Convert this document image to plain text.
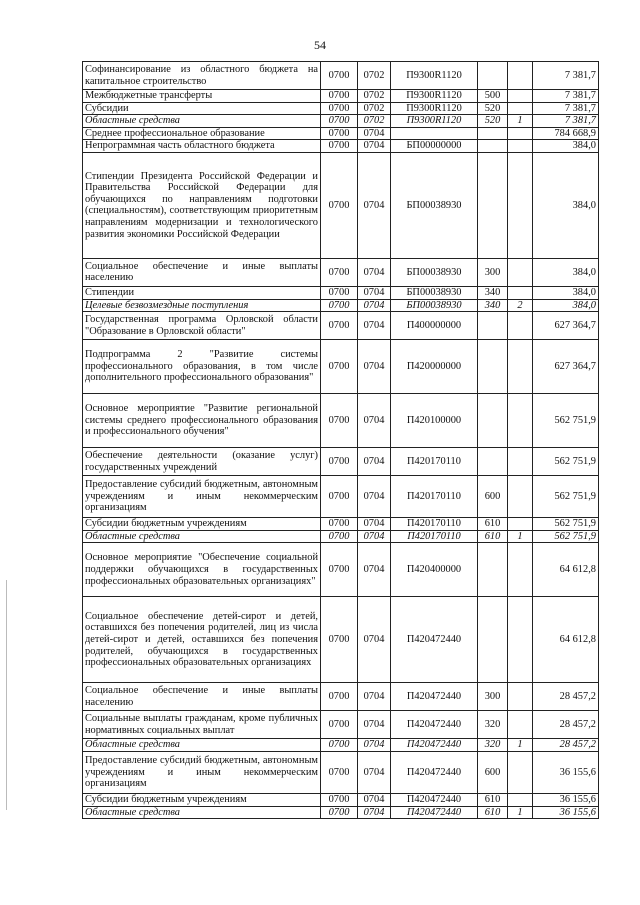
54
Софинансирование из областного бюджета на капитальное строительство	0700	0702	П9300R1120			7 381,7
Межбюджетные трансферты	0700	0702	П9300R1120	500		7 381,7
Субсидии	0700	0702	П9300R1120	520		7 381,7
Областные средства	0700	0702	П9300R1120	520	1	7 381,7
Среднее профессиональное образование	0700	0704				784 668,9
Непрограммная часть областного бюджета	0700	0704	БП00000000			384,0
Стипендии Президента Российской Федерации и Правительства Российской Федерации для обучающихся по направлениям подготовки (специальностям), соответствующим приоритетным направлениям модернизации и технологического развития экономики Российской Федерации	0700	0704	БП00038930			384,0
Социальное обеспечение и иные выплаты населению	0700	0704	БП00038930	300		384,0
Стипендии	0700	0704	БП00038930	340		384,0
Целевые безвозмездные поступления	0700	0704	БП00038930	340	2	384,0
Государственная программа Орловской области "Образование в Орловской области"	0700	0704	П400000000			627 364,7
Подпрограмма 2 "Развитие системы профессионального образования, в том числе дополнительного профессионального образования"	0700	0704	П420000000			627 364,7
Основное мероприятие "Развитие региональной системы среднего профессионального образования и профессионального обучения"	0700	0704	П420100000			562 751,9
Обеспечение деятельности (оказание услуг) государственных учреждений	0700	0704	П420170110			562 751,9
Предоставление субсидий бюджетным, автономным учреждениям и иным некоммерческим организациям	0700	0704	П420170110	600		562 751,9
Субсидии бюджетным учреждениям	0700	0704	П420170110	610		562 751,9
Областные средства	0700	0704	П420170110	610	1	562 751,9
Основное мероприятие "Обеспечение социальной поддержки обучающихся в государственных профессиональных образовательных организациях"	0700	0704	П420400000			64 612,8
Социальное обеспечение детей-сирот и детей, оставшихся без попечения родителей, лиц из числа детей-сирот и детей, оставшихся без попечения родителей, обучающихся в государственных профессиональных образовательных организациях	0700	0704	П420472440			64 612,8
Социальное обеспечение и иные выплаты населению	0700	0704	П420472440	300		28 457,2
Социальные выплаты гражданам, кроме публичных нормативных социальных выплат	0700	0704	П420472440	320		28 457,2
Областные средства	0700	0704	П420472440	320	1	28 457,2
Предоставление субсидий бюджетным, автономным учреждениям и иным некоммерческим организациям	0700	0704	П420472440	600		36 155,6
Субсидии бюджетным учреждениям	0700	0704	П420472440	610		36 155,6
Областные средства	0700	0704	П420472440	610	1	36 155,6
